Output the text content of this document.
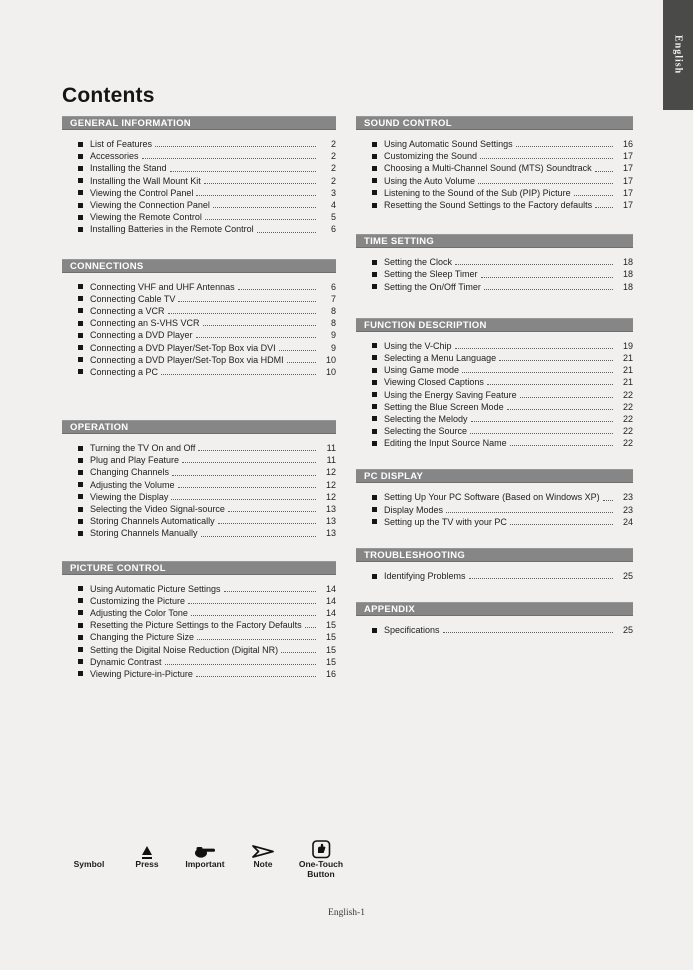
English
Contents
GENERAL INFORMATION
List of Features	2
Accessories	2
Installing the Stand	2
Installing the Wall Mount Kit	2
Viewing the Control Panel	3
Viewing the Connection Panel	4
Viewing the Remote Control	5
Installing Batteries in the Remote Control	6
CONNECTIONS
Connecting VHF and UHF Antennas	6
Connecting Cable TV	7
Connecting a VCR	8
Connecting an S-VHS VCR	8
Connecting a DVD Player	9
Connecting a DVD Player/Set-Top Box via DVI	9
Connecting a DVD Player/Set-Top Box via HDMI	10
Connecting a PC	10
OPERATION
Turning the TV On and Off	11
Plug and Play Feature	11
Changing Channels	12
Adjusting the Volume	12
Viewing the Display	12
Selecting the Video Signal-source	13
Storing Channels Automatically	13
Storing Channels Manually	13
PICTURE CONTROL
Using Automatic Picture Settings	14
Customizing the Picture	14
Adjusting the Color Tone	14
Resetting the Picture Settings to the Factory Defaults	15
Changing the Picture Size	15
Setting the Digital Noise Reduction (Digital NR)	15
Dynamic Contrast	15
Viewing Picture-in-Picture	16
SOUND CONTROL
Using Automatic Sound Settings	16
Customizing the Sound	17
Choosing a Multi-Channel Sound (MTS) Soundtrack	17
Using the Auto Volume	17
Listening to the Sound of the Sub (PIP) Picture	17
Resetting the Sound Settings to the Factory defaults	17
TIME SETTING
Setting the Clock	18
Setting the Sleep Timer	18
Setting the On/Off Timer	18
FUNCTION DESCRIPTION
Using the V-Chip	19
Selecting a Menu Language	21
Using Game mode	21
Viewing Closed Captions	21
Using the Energy Saving Feature	22
Setting the Blue Screen Mode	22
Selecting the Melody	22
Selecting the Source	22
Editing the Input Source Name	22
PC DISPLAY
Setting Up Your PC Software (Based on Windows XP)	23
Display Modes	23
Setting up the TV with your PC	24
TROUBLESHOOTING
Identifying Problems	25
APPENDIX
Specifications	25
Symbol	Press	Important	Note	One-Touch Button
English-1
